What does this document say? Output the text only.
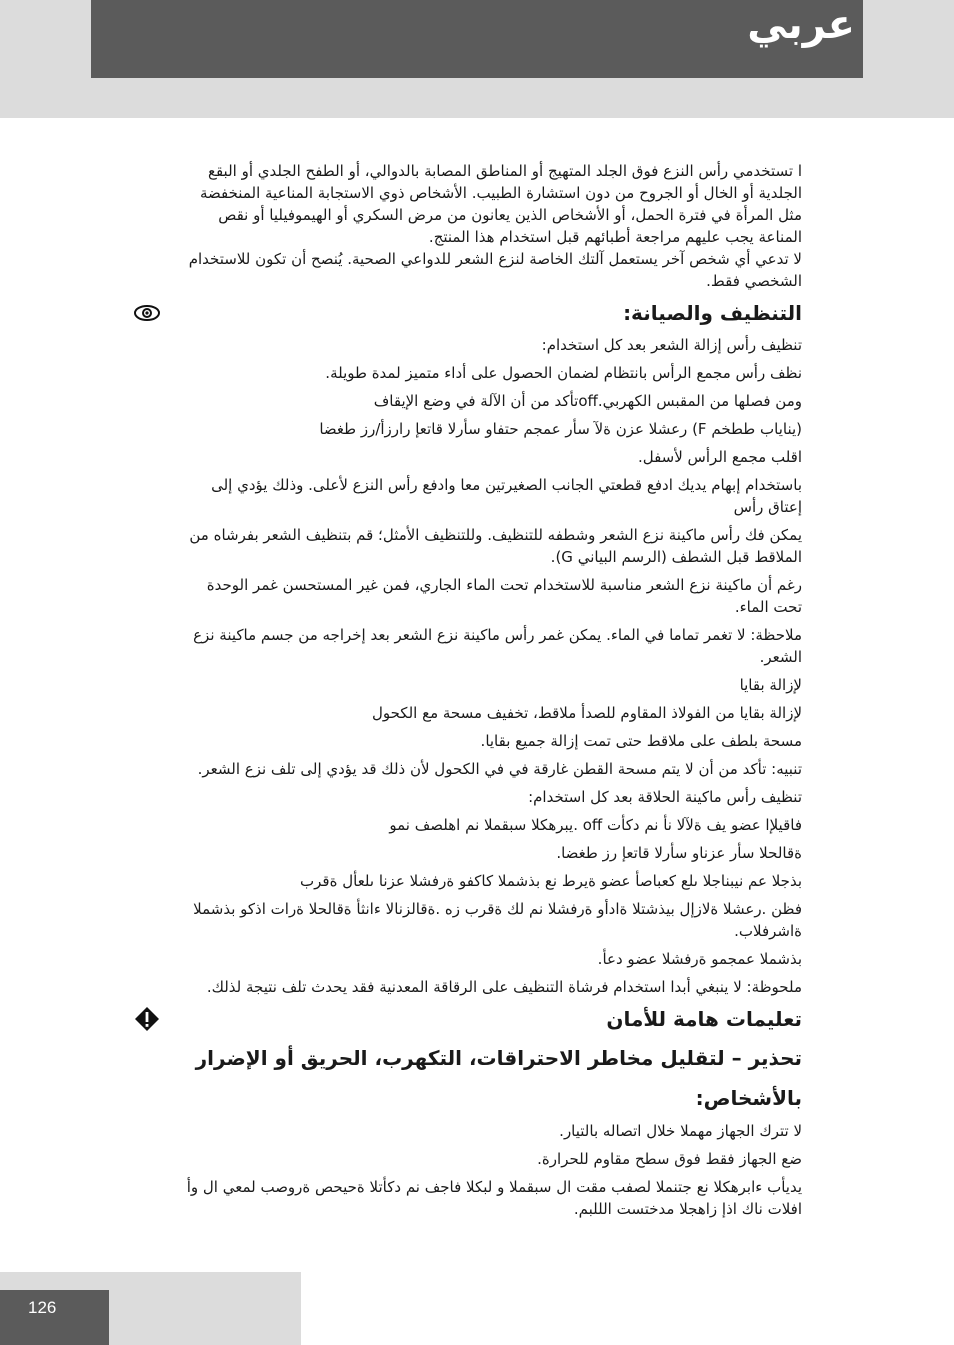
عربي

ا تستخدمي رأس النزع فوق الجلد المتهيج أو المناطق المصابة بالدوالي، أو الطفح الجلدي أو البقع الجلدية أو الخال أو الجروح من دون استشارة الطبيب. الأشخاص ذوي الاستجابة المناعية المنخفضة مثل المرأة في فترة الحمل، أو الأشخاص الذين يعانون من مرض السكري أو الهيموفيليا أو نقص المناعة يجب عليهم مراجعة أطبائهم قبل استخدام هذا المنتج.

لا تدعي أي شخص آخر يستعمل آلتك الخاصة لنزع الشعر للدواعي الصحية. يُنصح أن تكون للاستخدام الشخصي فقط.

التنظيف والصيانة:

تنظيف رأس إزالة الشعر بعد كل استخدام:

نظف رأس مجمع الرأس بانتظام لضمان الحصول على أداء متميز لمدة طويلة.

ومن فصلها من المقبس الكهربي.offتأكد من أن الآلة في وضع الإيقاف

(يناياب ططخم F) رعشلا عزن ةلآ سأر عمجم حتفاو سأرلا قاتعإ رارزأ/رز طغضا

اقلب مجمع الرأس لأسفل.

باستخدام إبهام يديك ادفع قطعتي الجانب الصغيرتين معا وادفع رأس النزع لأعلى. وذلك يؤدي إلى إعتاق رأس

يمكن فك رأس ماكينة نزع الشعر وشطفه للتنظيف. وللتنظيف الأمثل؛ قم بتنظيف الشعر بفرشاه من الملاقط قبل الشطف (الرسم البياني G).

رغم أن ماكينة نزع الشعر مناسبة للاستخدام تحت الماء الجاري، فمن غير المستحسن غمر الوحدة تحت الماء.

ملاحظة: لا تغمر تماما في الماء. يمكن غمر رأس ماكينة نزع الشعر بعد إخراجه من جسم ماكينة نزع الشعر.

لإزالة بقايا

لإزالة بقايا من الفولاذ المقاوم للصدأ ملاقط، تخفيف مسحة مع الكحول

مسحة بلطف على ملاقط حتى تمت إزالة جميع بقايا.

تنبيه: تأكد من أن لا يتم مسحة القطن غارقة في في الكحول لأن ذلك قد يؤدي إلى تلف نزع الشعر.

تنظيف رأس ماكينة الحلاقة بعد كل استخدام:

فاقيلإا عضو يف ةلآلا نأ نم دكأت off .يبرهكلا سبقملا نم اهلصف نمو

ةقالحلا سأر عزناو سأرلا قاتعإ رز طغضا.

بذجلا عم نيبناجلا ىلع كعباصأ عضو ةيرط نع بذشملا كاكفو ةرفشلا عزنا ىلعأل ةقرب

فظن .رعشلا ةلازإل بيذشتلا ةادأو ةرفشلا نم لك ةقرب زه .ةقالزنالا ءانثأ ةقالحلا ةرات اذكو بذشملا ةاشرفلاب.

بذشملا عمجمو ةرفشلا عضو دعأ.

ملحوظة: لا ينبغي أبدا استخدام فرشاة التنظيف على الرقاقة المعدنية فقد يحدث تلف نتيجة لذلك.

تعليمات هامة للأمان
تحذير – لتقليل مخاطر الاحتراقات، التكهرب، الحريق أو الإضرار
بالأشخاص:

لا تترك الجهاز مهملا خلال اتصاله بالتيار.

ضع الجهاز فقط فوق سطح مقاوم للحرارة.

يديأب ءابرهكلا نع جتنملا لصفب مقت ال سبقملا و لبكلا فاجف نم دكأتلا ةحيحص ةروصب لمعي ال وأ افلات ناك اذإ زاهجلا مدختست الللبم.

126
